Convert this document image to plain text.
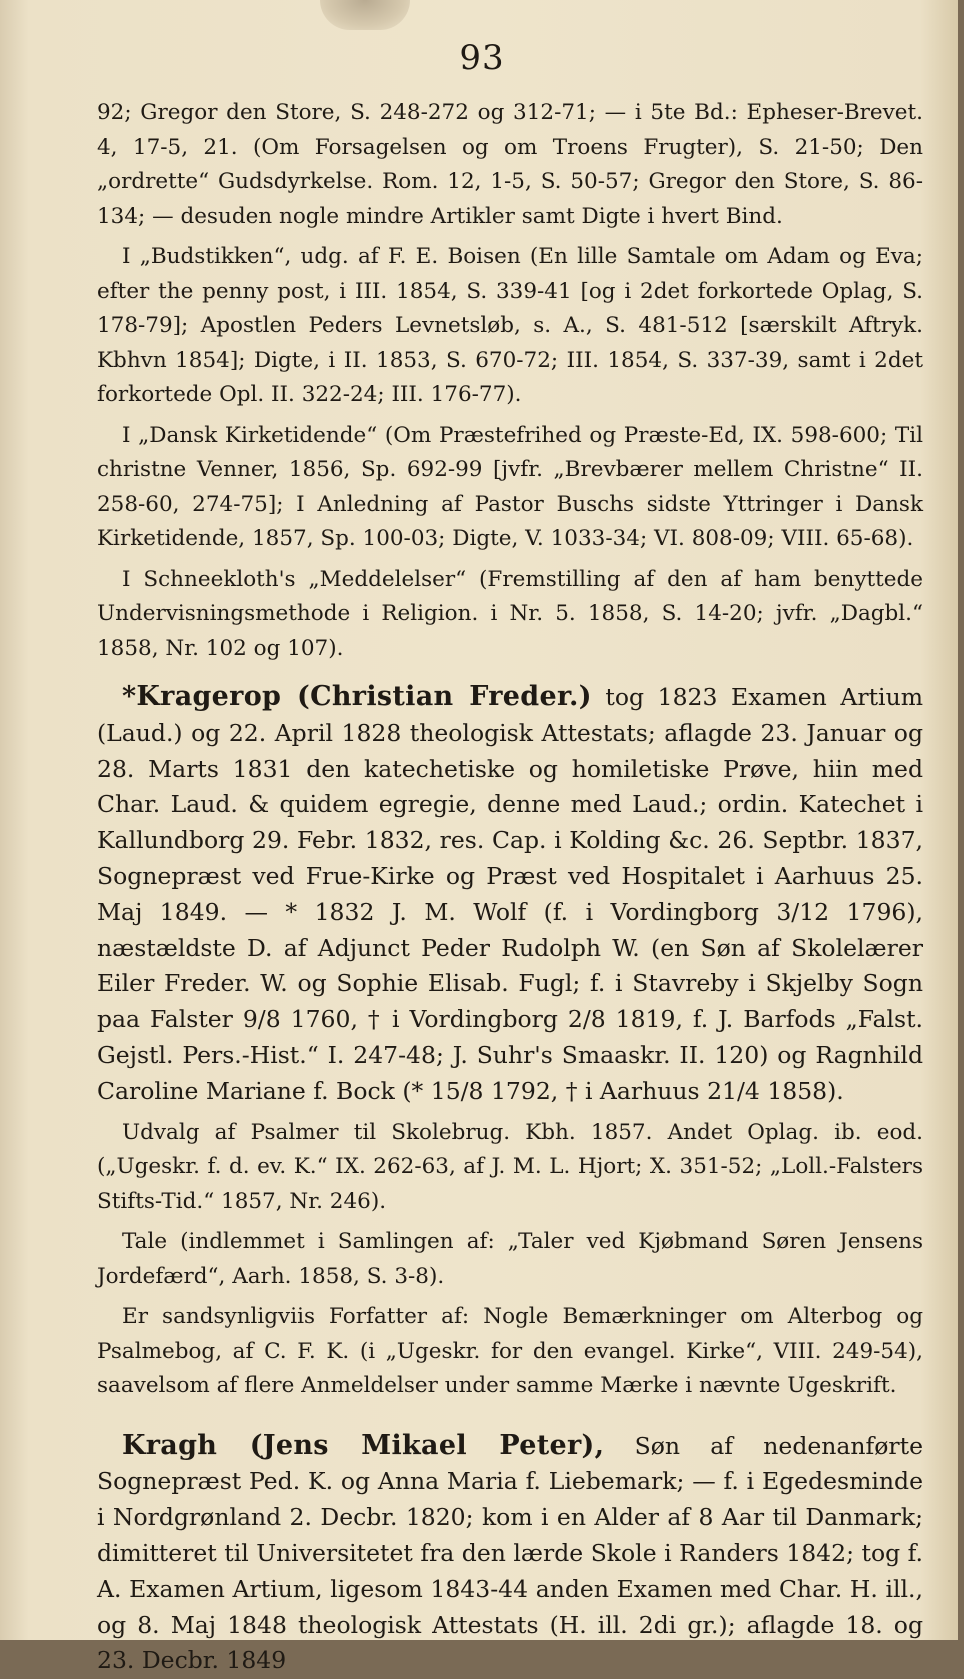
93

92; Gregor den Store, S. 248-272 og 312-71; — i 5te Bd.: Epheser-Brevet. 4, 17-5, 21. (Om Forsagelsen og om Troens Frugter), S. 21-50; Den „ordrette“ Gudsdyrkelse. Rom. 12, 1-5, S. 50-57; Gregor den Store, S. 86-134; — desuden nogle mindre Artikler samt Digte i hvert Bind.

I „Budstikken“, udg. af F. E. Boisen (En lille Samtale om Adam og Eva; efter the penny post, i III. 1854, S. 339-41 [og i 2det forkortede Oplag, S. 178-79]; Apostlen Peders Levnetsløb, s. A., S. 481-512 [særskilt Aftryk. Kbhvn 1854]; Digte, i II. 1853, S. 670-72; III. 1854, S. 337-39, samt i 2det forkortede Opl. II. 322-24; III. 176-77).

I „Dansk Kirketidende“ (Om Præstefrihed og Præste-Ed, IX. 598-600; Til christne Venner, 1856, Sp. 692-99 [jvfr. „Brevbærer mellem Christne“ II. 258-60, 274-75]; I Anledning af Pastor Buschs sidste Yttringer i Dansk Kirketidende, 1857, Sp. 100-03; Digte, V. 1033-34; VI. 808-09; VIII. 65-68).

I Schneekloth's „Meddelelser“ (Fremstilling af den af ham benyttede Undervisningsmethode i Religion. i Nr. 5. 1858, S. 14-20; jvfr. „Dagbl.“ 1858, Nr. 102 og 107).

*Kragerop (Christian Freder.) tog 1823 Examen Artium (Laud.) og 22. April 1828 theologisk Attestats; aflagde 23. Januar og 28. Marts 1831 den katechetiske og homiletiske Prøve, hiin med Char. Laud. & quidem egregie, denne med Laud.; ordin. Katechet i Kallundborg 29. Febr. 1832, res. Cap. i Kolding &c. 26. Septbr. 1837, Sognepræst ved Frue-Kirke og Præst ved Hospitalet i Aarhuus 25. Maj 1849. — * 1832 J. M. Wolf (f. i Vordingborg 3/12 1796), næstældste D. af Adjunct Peder Rudolph W. (en Søn af Skolelærer Eiler Freder. W. og Sophie Elisab. Fugl; f. i Stavreby i Skjelby Sogn paa Falster 9/8 1760, † i Vordingborg 2/8 1819, f. J. Barfods „Falst. Gejstl. Pers.-Hist.“ I. 247-48; J. Suhr's Smaaskr. II. 120) og Ragnhild Caroline Mariane f. Bock (* 15/8 1792, † i Aarhuus 21/4 1858).

Udvalg af Psalmer til Skolebrug. Kbh. 1857. Andet Oplag. ib. eod. („Ugeskr. f. d. ev. K.“ IX. 262-63, af J. M. L. Hjort; X. 351-52; „Loll.-Falsters Stifts-Tid.“ 1857, Nr. 246).

Tale (indlemmet i Samlingen af: „Taler ved Kjøbmand Søren Jensens Jordefærd“, Aarh. 1858, S. 3-8).

Er sandsynligviis Forfatter af: Nogle Bemærkninger om Alterbog og Psalmebog, af C. F. K. (i „Ugeskr. for den evangel. Kirke“, VIII. 249-54), saavelsom af flere Anmeldelser under samme Mærke i nævnte Ugeskrift.

Kragh (Jens Mikael Peter), Søn af nedenanførte Sognepræst Ped. K. og Anna Maria f. Liebemark; — f. i Egedesminde i Nordgrønland 2. Decbr. 1820; kom i en Alder af 8 Aar til Danmark; dimitteret til Universitetet fra den lærde Skole i Randers 1842; tog f. A. Examen Artium, ligesom 1843-44 anden Examen med Char. H. ill., og 8. Maj 1848 theologisk Attestats (H. ill. 2di gr.); aflagde 18. og 23. Decbr. 1849
